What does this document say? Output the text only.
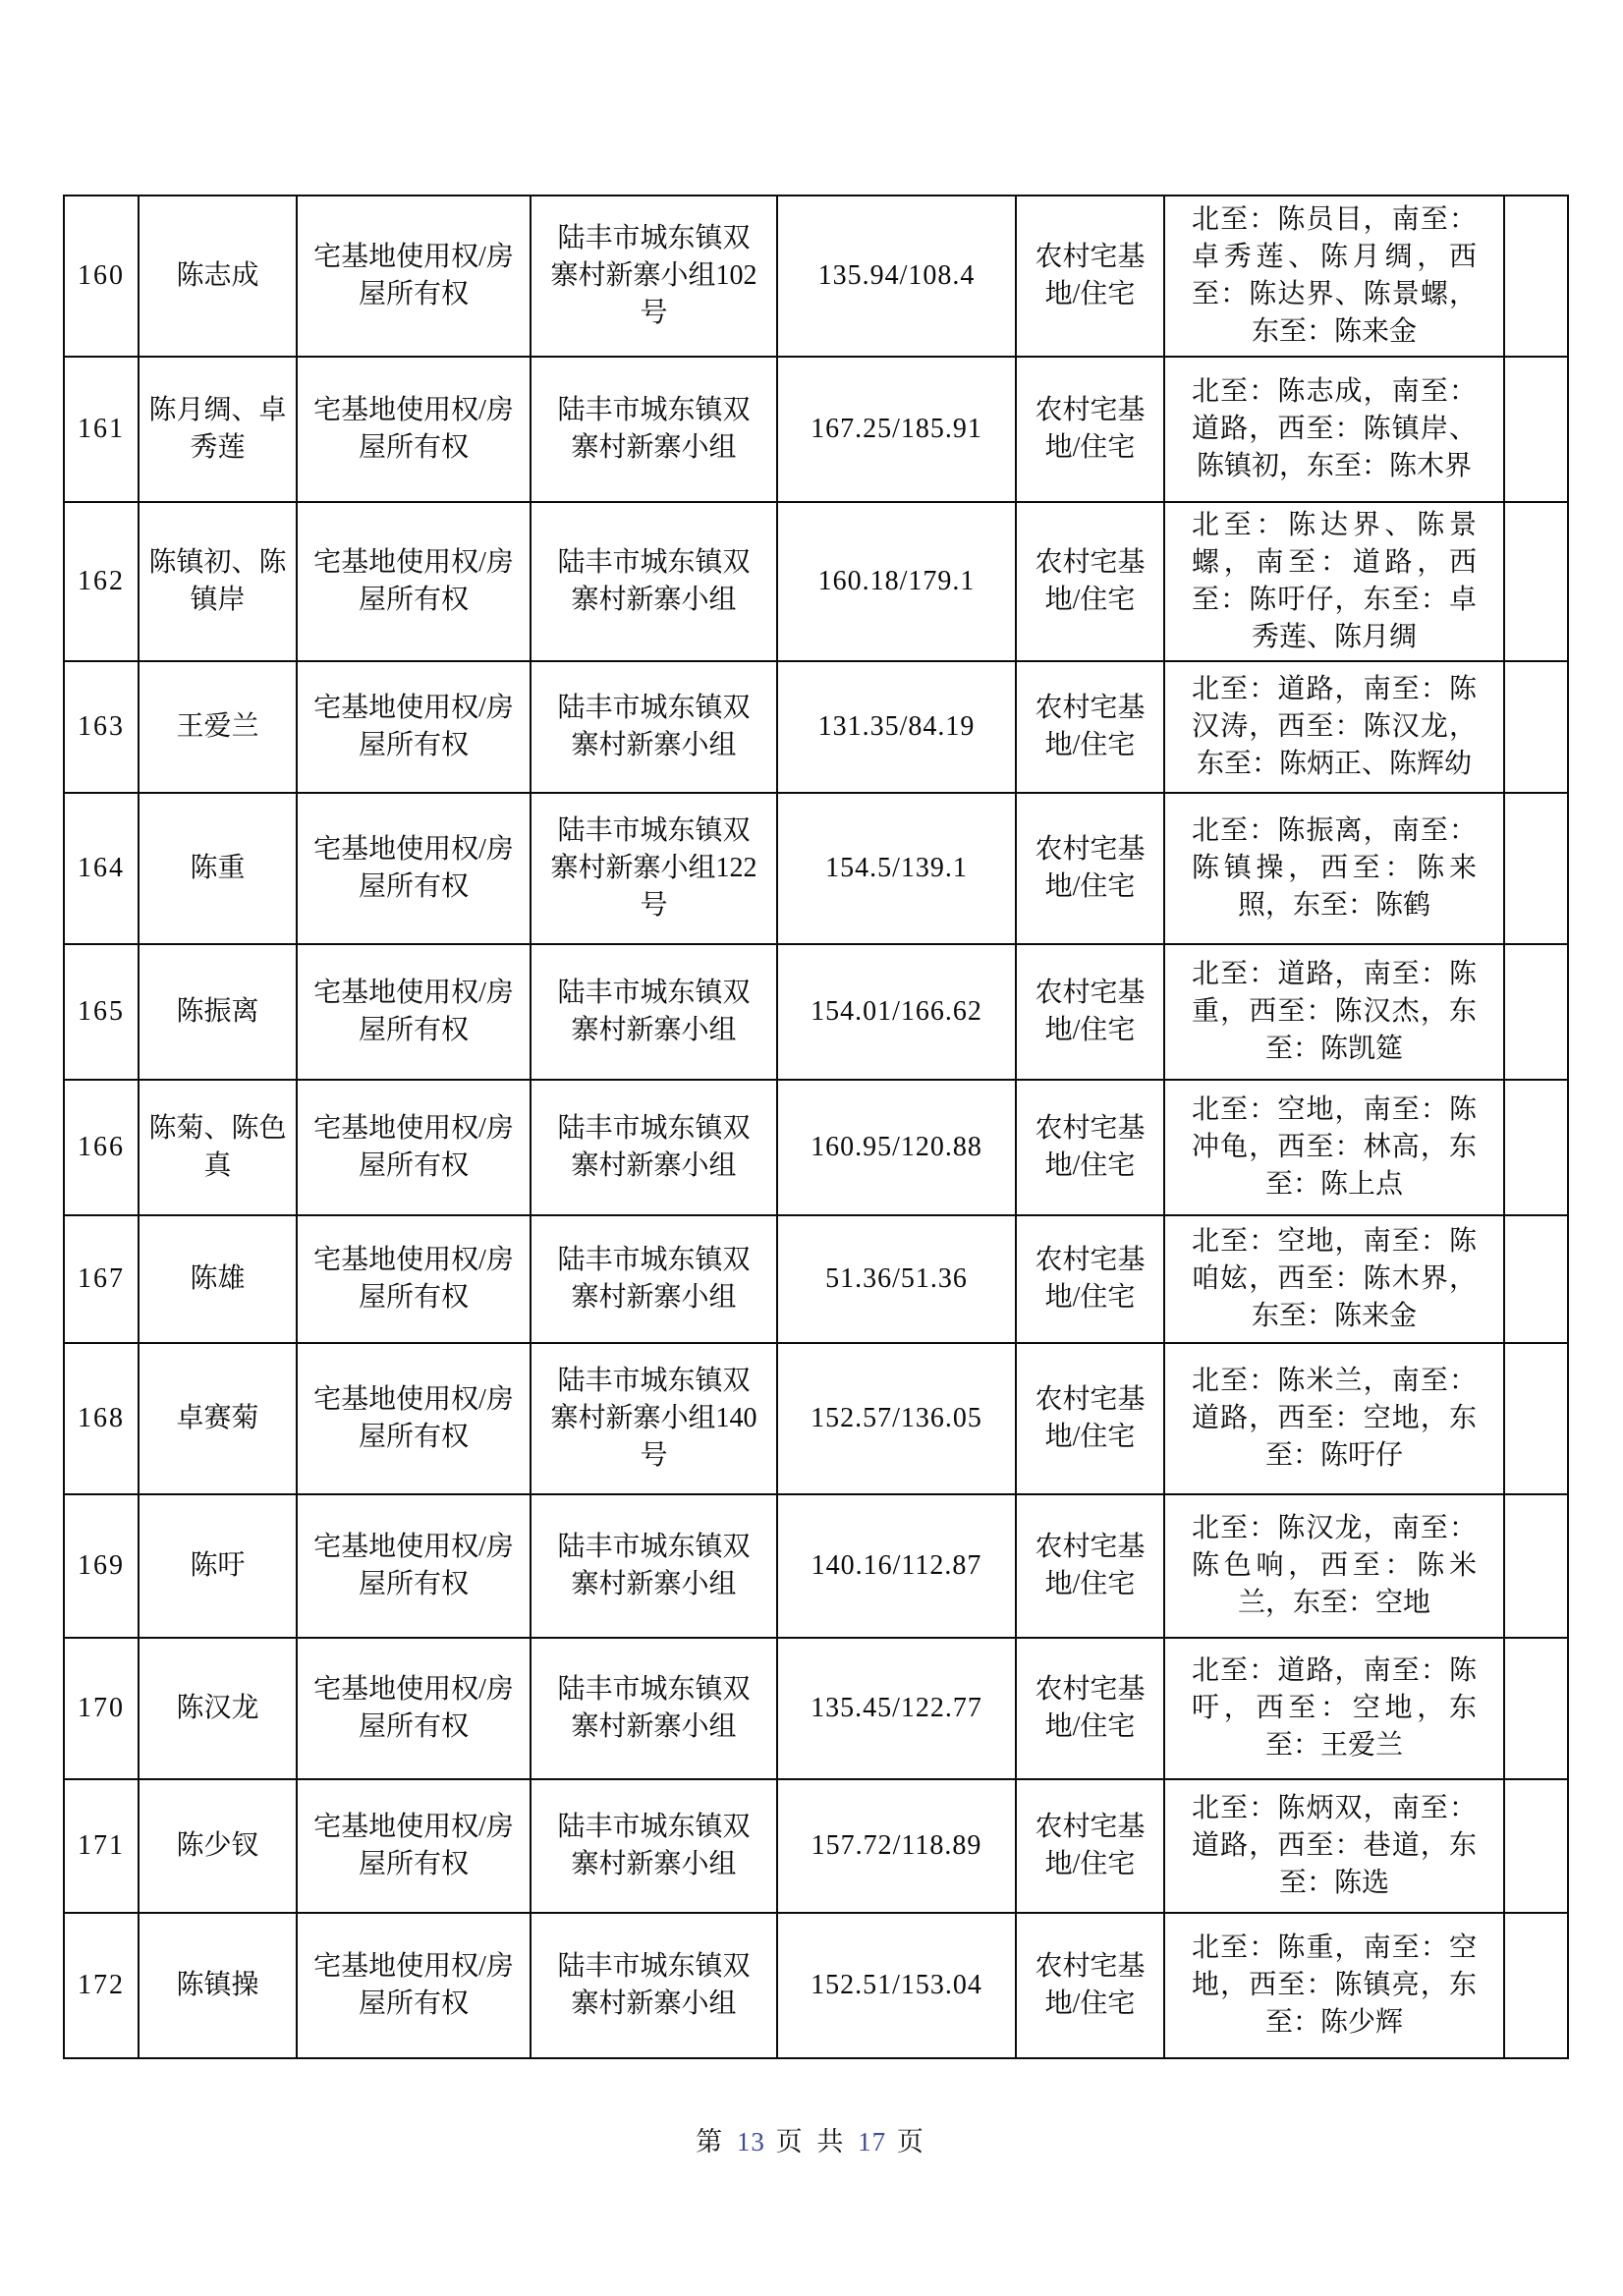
160	陈志成	宅基地使用权/房屋所有权	陆丰市城东镇双寨村新寨小组102号	135.94/108.4	农村宅基地/住宅	北至：陈员目，南至：卓秀莲、陈月绸，西至：陈达界、陈景螺，东至：陈来金	
161	陈月绸、卓秀莲	宅基地使用权/房屋所有权	陆丰市城东镇双寨村新寨小组	167.25/185.91	农村宅基地/住宅	北至：陈志成，南至：道路，西至：陈镇岸、陈镇初，东至：陈木界	
162	陈镇初、陈镇岸	宅基地使用权/房屋所有权	陆丰市城东镇双寨村新寨小组	160.18/179.1	农村宅基地/住宅	北至：陈达界、陈景螺，南至：道路，西至：陈吁仔，东至：卓秀莲、陈月绸	
163	王爱兰	宅基地使用权/房屋所有权	陆丰市城东镇双寨村新寨小组	131.35/84.19	农村宅基地/住宅	北至：道路，南至：陈汉涛，西至：陈汉龙，东至：陈炳正、陈辉幼	
164	陈重	宅基地使用权/房屋所有权	陆丰市城东镇双寨村新寨小组122号	154.5/139.1	农村宅基地/住宅	北至：陈振离，南至：陈镇操，西至：陈来照，东至：陈鹤	
165	陈振离	宅基地使用权/房屋所有权	陆丰市城东镇双寨村新寨小组	154.01/166.62	农村宅基地/住宅	北至：道路，南至：陈重，西至：陈汉杰，东至：陈凯筵	
166	陈菊、陈色真	宅基地使用权/房屋所有权	陆丰市城东镇双寨村新寨小组	160.95/120.88	农村宅基地/住宅	北至：空地，南至：陈冲龟，西至：林高，东至：陈上点	
167	陈雄	宅基地使用权/房屋所有权	陆丰市城东镇双寨村新寨小组	51.36/51.36	农村宅基地/住宅	北至：空地，南至：陈咱妶，西至：陈木界，东至：陈来金	
168	卓赛菊	宅基地使用权/房屋所有权	陆丰市城东镇双寨村新寨小组140号	152.57/136.05	农村宅基地/住宅	北至：陈米兰，南至：道路，西至：空地，东至：陈吁仔	
169	陈吁	宅基地使用权/房屋所有权	陆丰市城东镇双寨村新寨小组	140.16/112.87	农村宅基地/住宅	北至：陈汉龙，南至：陈色响，西至：陈米兰，东至：空地	
170	陈汉龙	宅基地使用权/房屋所有权	陆丰市城东镇双寨村新寨小组	135.45/122.77	农村宅基地/住宅	北至：道路，南至：陈吁，西至：空地，东至：王爱兰	
171	陈少钗	宅基地使用权/房屋所有权	陆丰市城东镇双寨村新寨小组	157.72/118.89	农村宅基地/住宅	北至：陈炳双，南至：道路，西至：巷道，东至：陈选	
172	陈镇操	宅基地使用权/房屋所有权	陆丰市城东镇双寨村新寨小组	152.51/153.04	农村宅基地/住宅	北至：陈重，南至：空地，西至：陈镇亮，东至：陈少辉	
第 13 页 共 17 页
